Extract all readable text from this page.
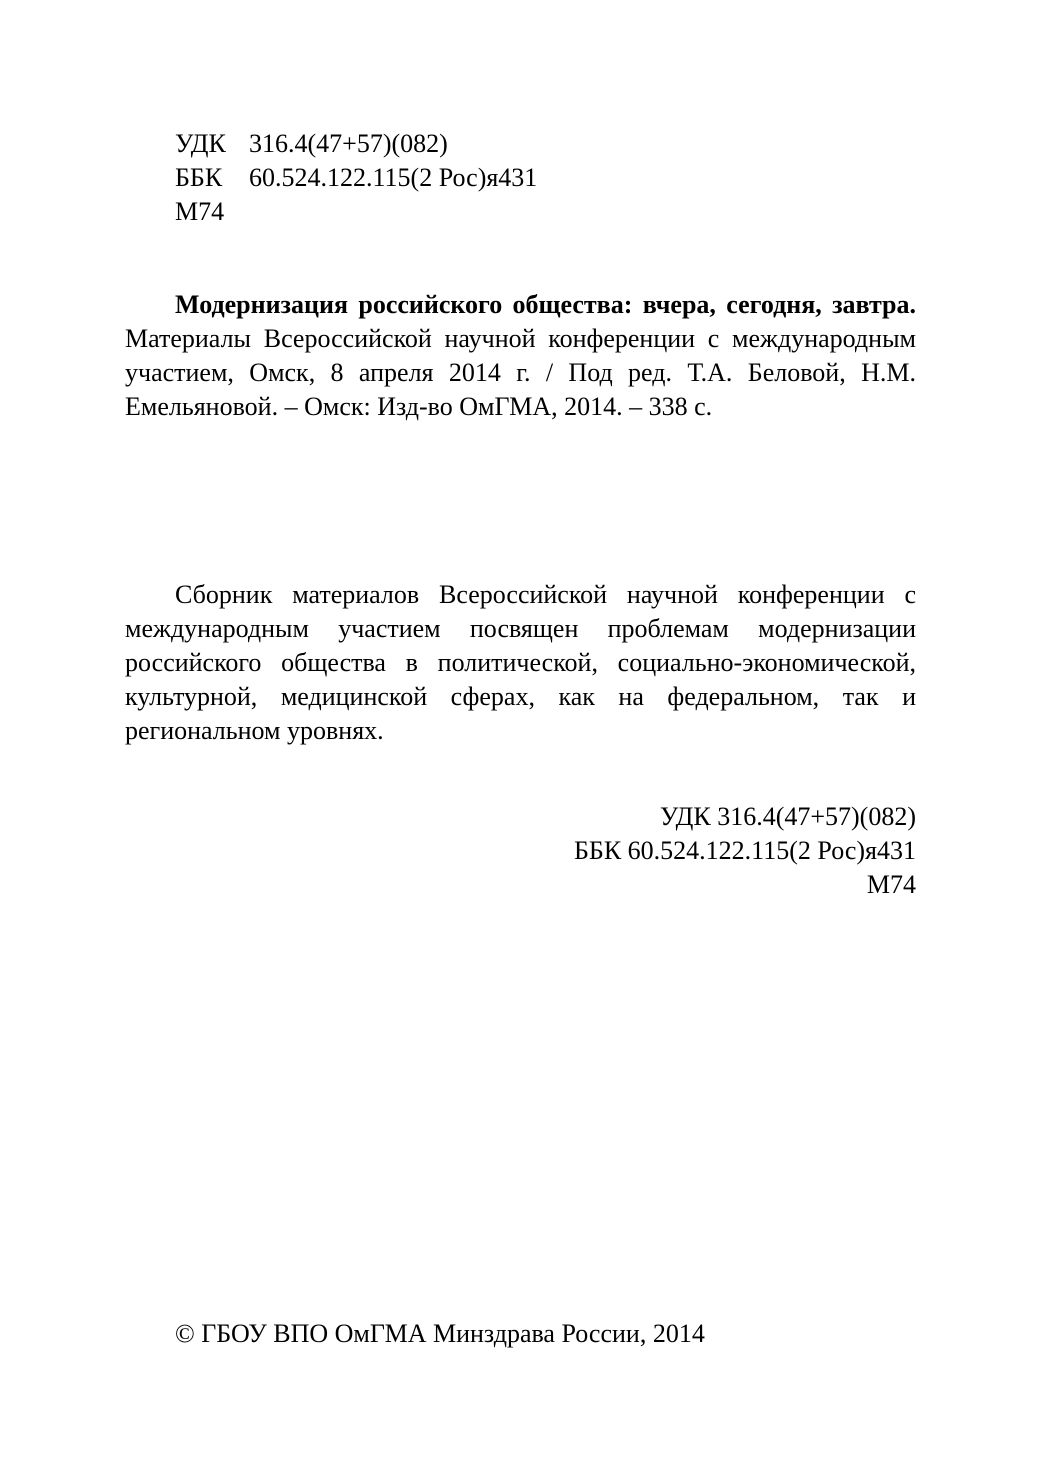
УДК 316.4(47+57)(082)
ББК 60.524.122.115(2 Рос)я431
М74

Модернизация российского общества: вчера, сегодня, завтра. Материалы Всероссийской научной конференции с международным участием, Омск, 8 апреля 2014 г. / Под ред. Т.А. Беловой, Н.М. Емельяновой. – Омск: Изд-во ОмГМА, 2014. – 338 с.

Сборник материалов Всероссийской научной конференции с международным участием посвящен проблемам модернизации российского общества в политической, социально-экономической, культурной, медицинской сферах, как на федеральном, так и региональном уровнях.

УДК 316.4(47+57)(082)
ББК 60.524.122.115(2 Рос)я431
М74
© ГБОУ ВПО ОмГМА Минздрава России, 2014
